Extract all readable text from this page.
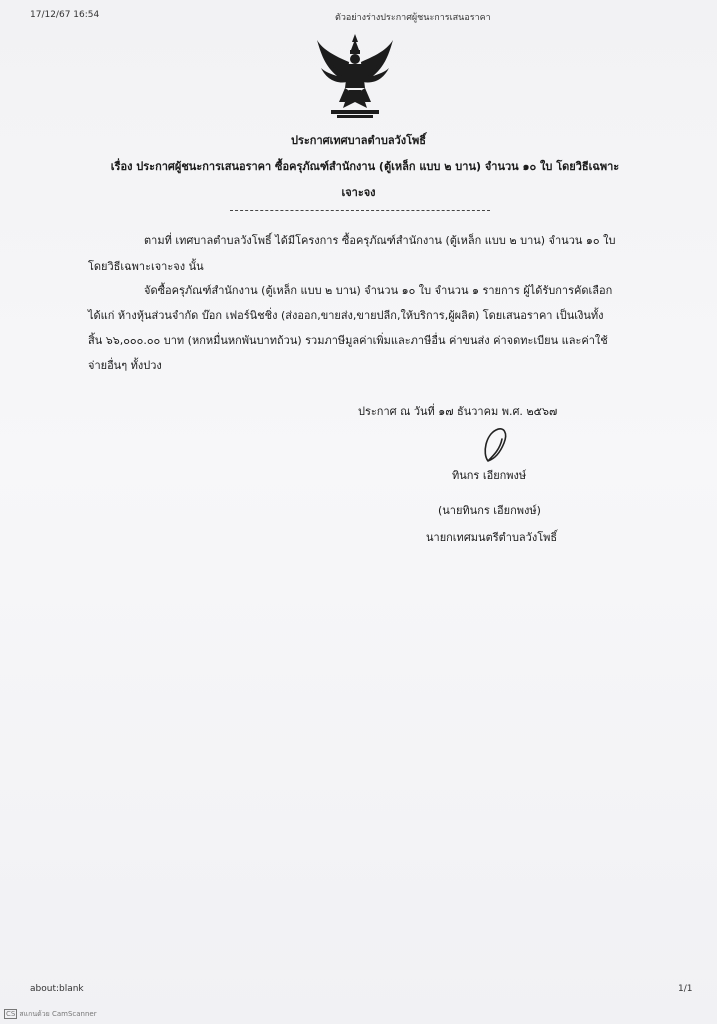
17/12/67 16:54	ตัวอย่างร่างประกาศผู้ชนะการเสนอราคา
ประกาศเทศบาลตำบลวังโพธิ์
เรื่อง ประกาศผู้ชนะการเสนอราคา ซื้อครุภัณฑ์สำนักงาน (ตู้เหล็ก แบบ ๒ บาน) จำนวน ๑๐ ใบ โดยวิธีเฉพาะ
เจาะจง
ตามที่ เทศบาลตำบลวังโพธิ์ ได้มีโครงการ ซื้อครุภัณฑ์สำนักงาน (ตู้เหล็ก แบบ ๒ บาน) จำนวน ๑๐ ใบ
โดยวิธีเฉพาะเจาะจง นั้น
จัดซื้อครุภัณฑ์สำนักงาน (ตู้เหล็ก แบบ ๒ บาน) จำนวน ๑๐ ใบ จำนวน ๑ รายการ ผู้ได้รับการคัดเลือก
ได้แก่ ห้างหุ้นส่วนจำกัด บ๊อก เฟอร์นิชชิ่ง (ส่งออก,ขายส่ง,ขายปลีก,ให้บริการ,ผู้ผลิต) โดยเสนอราคา เป็นเงินทั้ง
สิ้น ๖๖,๐๐๐.๐๐ บาท (หกหมื่นหกพันบาทถ้วน) รวมภาษีมูลค่าเพิ่มและภาษีอื่น ค่าขนส่ง ค่าจดทะเบียน และค่าใช้
จ่ายอื่นๆ ทั้งปวง
ประกาศ ณ วันที่ ๑๗ ธันวาคม พ.ศ. ๒๕๖๗
ทินกร เอียกพงษ์
(นายทินกร เอียกพงษ์)
นายกเทศมนตรีตำบลวังโพธิ์
about:blank	1/1
CS สแกนด้วย CamScanner
